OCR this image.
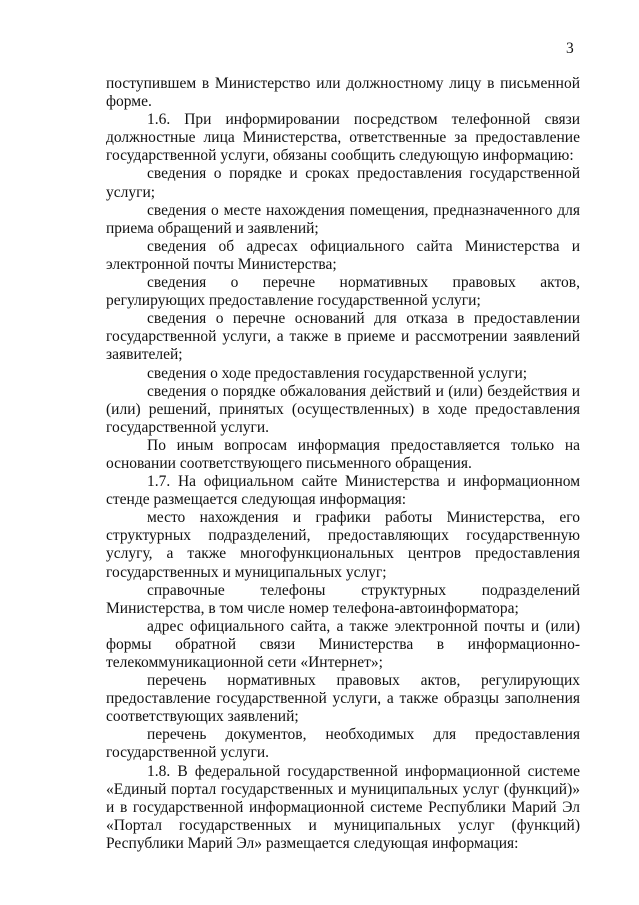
3

поступившем в Министерство или должностному лицу в письменной форме.

1.6. При информировании посредством телефонной связи должностные лица Министерства, ответственные за предоставление государственной услуги, обязаны сообщить следующую информацию:

сведения о порядке и сроках предоставления государственной услуги;

сведения о месте нахождения помещения, предназначенного для приема обращений и заявлений;

сведения об адресах официального сайта Министерства и электронной почты Министерства;

сведения о перечне нормативных правовых актов, регулирующих предоставление государственной услуги;

сведения о перечне оснований для отказа в предоставлении государственной услуги, а также в приеме и рассмотрении заявлений заявителей;

сведения о ходе предоставления государственной услуги;

сведения о порядке обжалования действий и (или) бездействия и (или) решений, принятых (осуществленных) в ходе предоставления государственной услуги.

По иным вопросам информация предоставляется только на основании соответствующего письменного обращения.

1.7. На официальном сайте Министерства и информационном стенде размещается следующая информация:

место нахождения и графики работы Министерства, его структурных подразделений, предоставляющих государственную услугу, а также многофункциональных центров предоставления государственных и муниципальных услуг;

справочные телефоны структурных подразделений Министерства, в том числе номер телефона-автоинформатора;

адрес официального сайта, а также электронной почты и (или) формы обратной связи Министерства в информационно-телекоммуникационной сети «Интернет»;

перечень нормативных правовых актов, регулирующих предоставление государственной услуги, а также образцы заполнения соответствующих заявлений;

перечень документов, необходимых для предоставления государственной услуги.

1.8. В федеральной государственной информационной системе «Единый портал государственных и муниципальных услуг (функций)» и в государственной информационной системе Республики Марий Эл «Портал государственных и муниципальных услуг (функций) Республики Марий Эл» размещается следующая информация:
